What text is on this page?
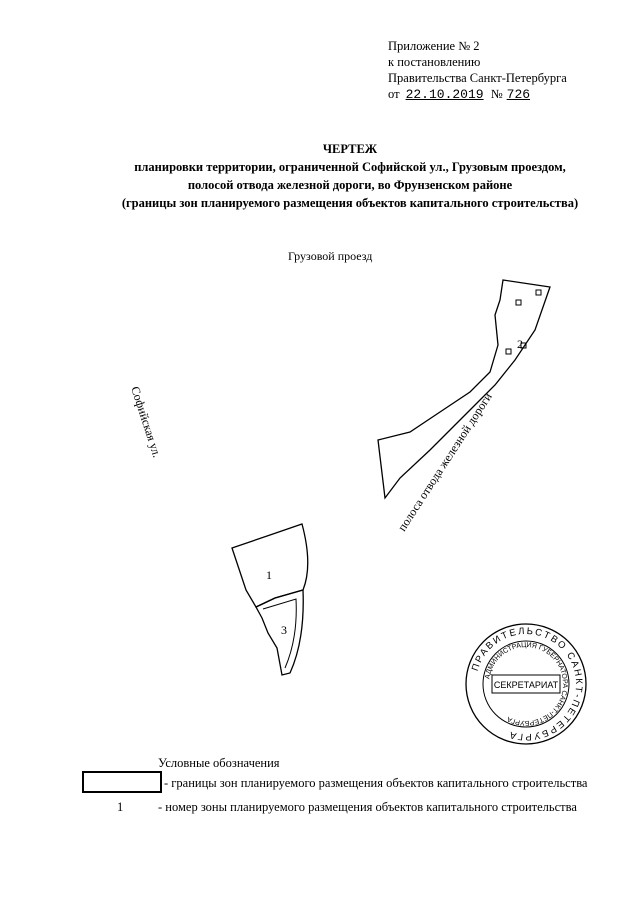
Приложение № 2
к постановлению
Правительства Санкт-Петербурга
от 22.10.2019 № 726
ЧЕРТЕЖ
планировки территории, ограниченной Софийской ул., Грузовым проездом,
полосой отвода железной дороги, во Фрунзенском районе
(границы зон планируемого размещения объектов капитального строительства)
Грузовой проезд
Софийская ул.	полоса отвода железной дороги
2
1
3
ПРАВИТЕЛЬСТВО САНКТ-ПЕТЕРБУРГА
АДМИНИСТРАЦИЯ ГУБЕРНАТОРА САНКТ-ПЕТЕРБУРГА
СЕКРЕТАРИАТ
Условные обозначения
- границы зон планируемого размещения объектов капитального строительства
1	- номер зоны планируемого размещения объектов капитального строительства
